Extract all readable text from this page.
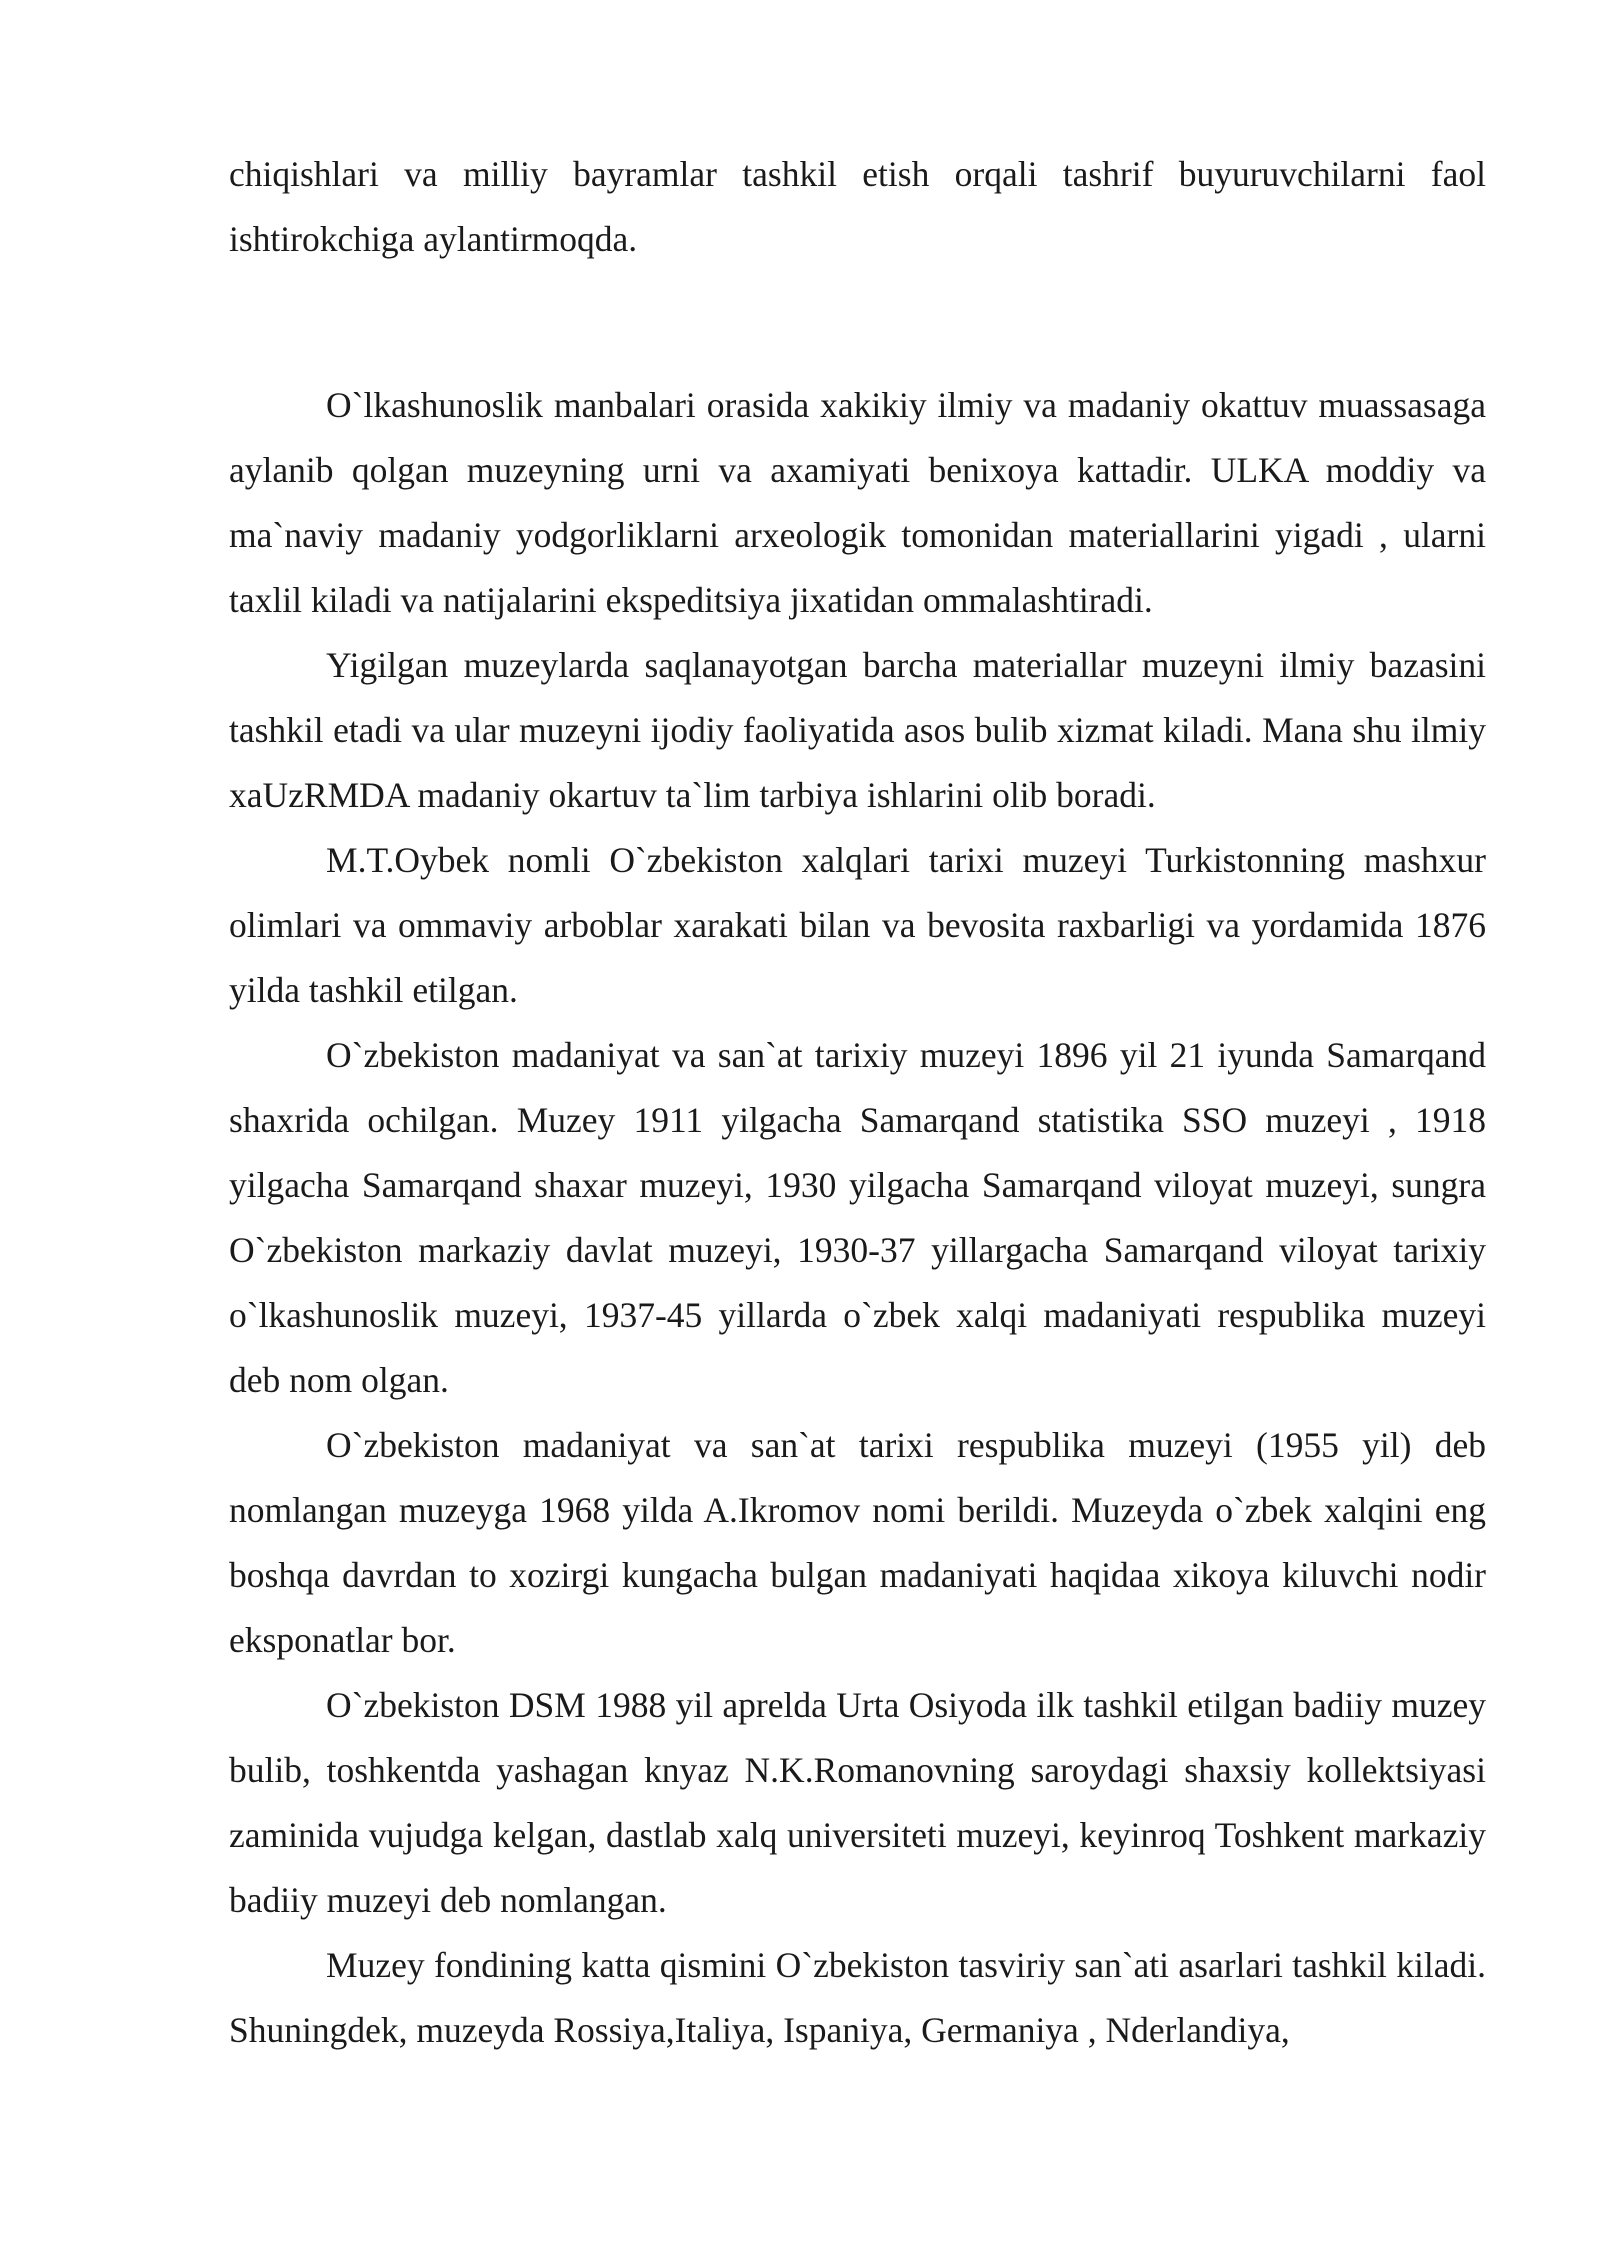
chiqishlari va milliy bayramlar tashkil etish orqali tashrif buyuruvchilarni faol ishtirokchiga aylantirmoqda.

O`lkashunoslik manbalari orasida xakikiy ilmiy va madaniy okattuv muassasaga aylanib qolgan muzeyning urni va axamiyati benixoya kattadir. ULKA moddiy va ma`naviy madaniy yodgorliklarni arxeologik tomonidan materiallarini yigadi , ularni taxlil kiladi va natijalarini ekspeditsiya jixatidan ommalashtiradi.

Yigilgan muzeylarda saqlanayotgan barcha materiallar muzeyni ilmiy bazasini tashkil etadi va ular muzeyni ijodiy faoliyatida asos bulib xizmat kiladi. Mana shu ilmiy xaUzRMDA madaniy okartuv ta`lim tarbiya ishlarini olib boradi.

M.T.Oybek nomli O`zbekiston xalqlari tarixi muzeyi Turkistonning mashxur olimlari va ommaviy arboblar xarakati bilan va bevosita raxbarligi va yordamida 1876 yilda tashkil etilgan.

O`zbekiston madaniyat va san`at tarixiy muzeyi 1896 yil 21 iyunda Samarqand shaxrida ochilgan. Muzey 1911 yilgacha Samarqand statistika SSO muzeyi , 1918 yilgacha Samarqand shaxar muzeyi, 1930 yilgacha Samarqand viloyat muzeyi, sungra O`zbekiston markaziy davlat muzeyi, 1930-37 yillargacha Samarqand viloyat tarixiy o`lkashunoslik muzeyi, 1937-45 yillarda o`zbek xalqi madaniyati respublika muzeyi deb nom olgan.

O`zbekiston madaniyat va san`at tarixi respublika muzeyi (1955 yil) deb nomlangan muzeyga 1968 yilda A.Ikromov nomi berildi. Muzeyda o`zbek xalqini eng boshqa davrdan to xozirgi kungacha bulgan madaniyati haqidaa xikoya kiluvchi nodir eksponatlar bor.

O`zbekiston DSM 1988 yil aprelda Urta Osiyoda ilk tashkil etilgan badiiy muzey bulib, toshkentda yashagan knyaz N.K.Romanovning saroydagi shaxsiy kollektsiyasi zaminida vujudga kelgan, dastlab xalq universiteti muzeyi, keyinroq Toshkent markaziy badiiy muzeyi deb nomlangan.

Muzey fondining katta qismini O`zbekiston tasviriy san`ati asarlari tashkil kiladi. Shuningdek, muzeyda Rossiya,Italiya, Ispaniya, Germaniya , Nderlandiya,
